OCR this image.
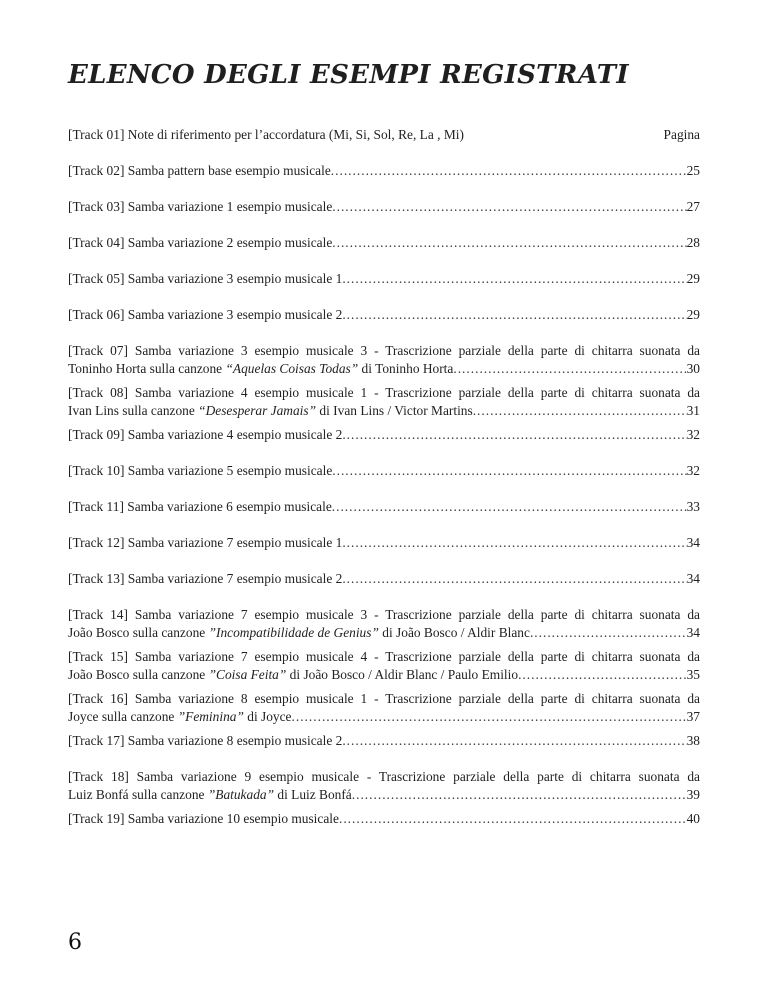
ELENCO DEGLI ESEMPI REGISTRATI
[Track 01] Note di riferimento per l’accordatura (Mi, Si, Sol, Re, La , Mi)	Pagina
[Track 02] Samba pattern base esempio musicale .....	25
[Track 03] Samba variazione 1 esempio musicale .....	27
[Track 04] Samba variazione 2 esempio musicale .....	28
[Track 05] Samba variazione 3 esempio musicale 1 .....	29
[Track 06] Samba variazione 3 esempio musicale 2 .....	29
[Track 07] Samba variazione 3 esempio musicale 3 - Trascrizione parziale della parte di chitarra suonata da
Toninho Horta sulla canzone “Aquelas Coisas Todas” di Toninho Horta .....	30
[Track 08] Samba variazione 4 esempio musicale 1 - Trascrizione parziale della parte di chitarra suonata da
Ivan Lins sulla canzone “Desesperar Jamais” di Ivan Lins / Victor Martins .....	31
[Track 09] Samba variazione 4 esempio musicale 2 .....	32
[Track 10] Samba variazione 5 esempio musicale .....	32
[Track 11] Samba variazione 6 esempio musicale .....	33
[Track 12] Samba variazione 7 esempio musicale 1 .....	34
[Track 13] Samba variazione 7 esempio musicale 2 .....	34
[Track 14] Samba variazione 7 esempio musicale 3 - Trascrizione parziale della parte di chitarra suonata da
João Bosco sulla canzone ”Incompatibilidade de Genius” di João Bosco / Aldir Blanc .....	34
[Track 15] Samba variazione 7 esempio musicale 4 - Trascrizione parziale della parte di chitarra suonata da
João Bosco sulla canzone ”Coisa Feita” di João Bosco / Aldir Blanc / Paulo Emilio .....	35
[Track 16] Samba variazione 8 esempio musicale 1 - Trascrizione parziale della parte di chitarra suonata da
Joyce sulla canzone ”Feminina” di Joyce .....	37
[Track 17] Samba variazione 8 esempio musicale 2 .....	38
[Track 18] Samba variazione 9 esempio musicale - Trascrizione parziale della parte di chitarra suonata da
Luiz Bonfá sulla canzone ”Batukada” di Luiz Bonfá .....	39
[Track 19] Samba variazione 10 esempio musicale .....	40
6
